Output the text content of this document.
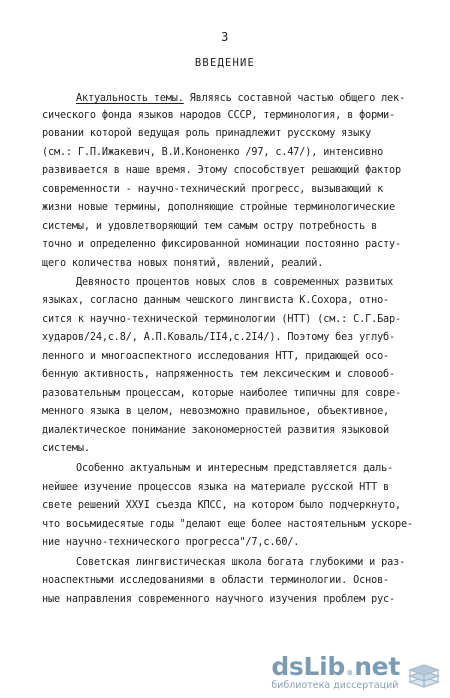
3
ВВЕДЕНИЕ
Актуальность темы. Являясь составной частью общего лек-
сического фонда языков народов СССР, терминология, в форми-
ровании которой ведущая роль принадлежит русскому языку
(см.: Г.П.Ижакевич, В.И.Кононенко /97, с.47/), интенсивно
развивается в наше время. Этому способствует решающий фактор
современности - научно-технический прогресс, вызывающий к
жизни новые термины, дополняющие стройные терминологические
системы, и удовлетворяющий тем самым остру потребность в
точно и определенно фиксированной номинации постоянно расту-
щего количества новых понятий, явлений, реалий.
Девяносто процентов новых слов в современных развитых
языках, согласно данным чешского лингвиста К.Сохора, отно-
сится к научно-технической терминологии (НТТ) (см.: С.Г.Бар-
хударов/24,с.8/, А.П.Коваль/II4,с.2I4/). Поэтому без углуб-
ленного и многоаспектного исследования НТТ, придающей осо-
бенную активность, напряженность тем лексическим и словооб-
разовательным процессам, которые наиболее типичны для совре-
менного языка в целом, невозможно правильное, объективное,
диалектическое понимание закономерностей развития языковой
системы.
Особенно актуальным и интересным представляется даль-
нейшее изучение процессов языка на материале русской НТТ в
свете решений ХХУI съезда КПСС, на котором было подчеркнуто,
что восьмидесятые годы "делают еще более настоятельным ускоре-
ние научно-технического прогресса"/7,с.60/.
Советская лингвистическая школа богата глубокими и раз-
ноаспектными исследованиями в области терминологии. Основ-
ные направления современного научного изучения проблем рус-
dsLib.net
библиотека диссертаций
